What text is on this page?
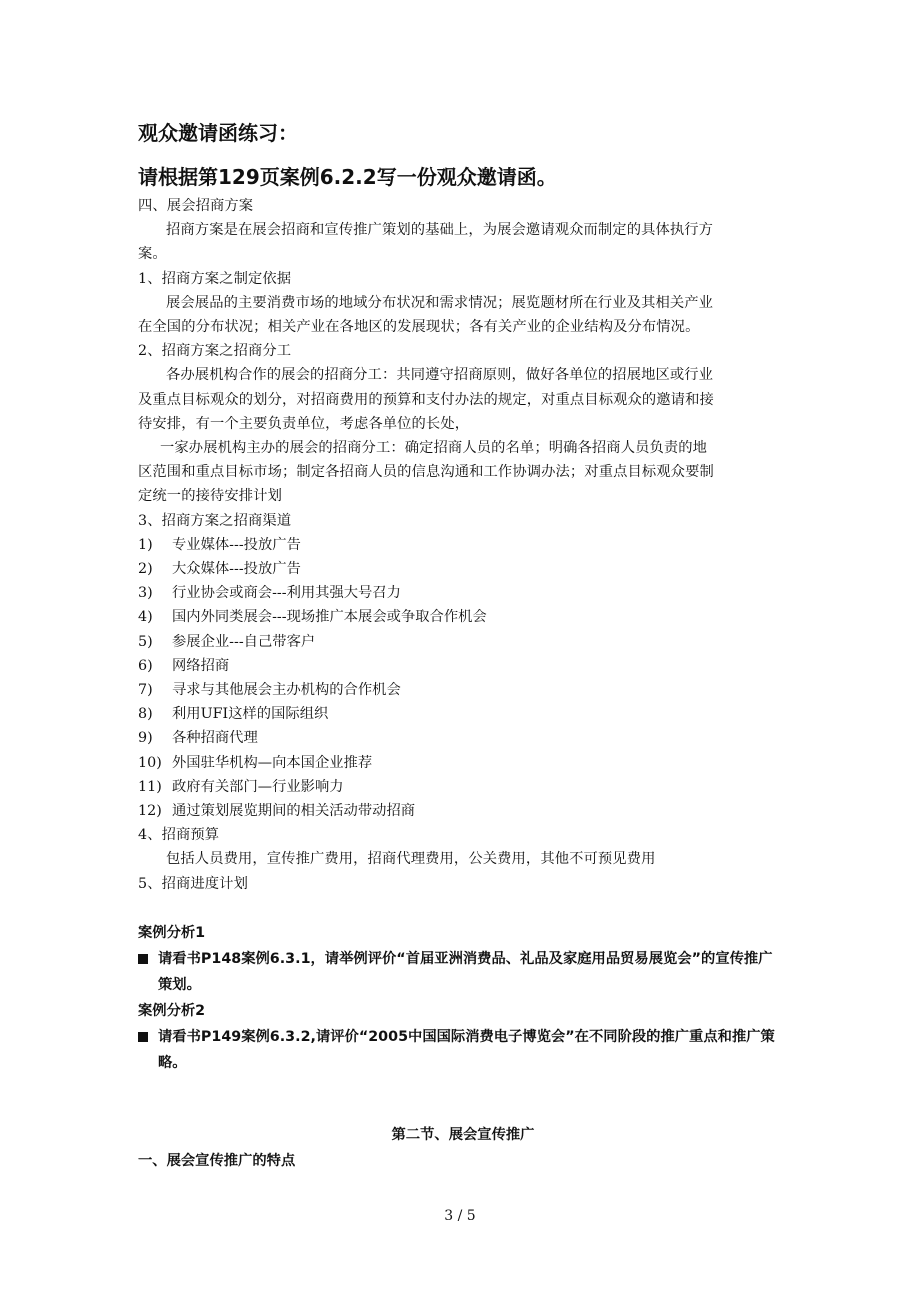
观众邀请函练习：
请根据第129页案例6.2.2写一份观众邀请函。
四、展会招商方案
招商方案是在展会招商和宣传推广策划的基础上，为展会邀请观众而制定的具体执行方
案。
1、招商方案之制定依据
展会展品的主要消费市场的地域分布状况和需求情况；展览题材所在行业及其相关产业
在全国的分布状况；相关产业在各地区的发展现状；各有关产业的企业结构及分布情况。
2、招商方案之招商分工
各办展机构合作的展会的招商分工：共同遵守招商原则，做好各单位的招展地区或行业
及重点目标观众的划分，对招商费用的预算和支付办法的规定，对重点目标观众的邀请和接
待安排，有一个主要负责单位，考虑各单位的长处，
一家办展机构主办的展会的招商分工：确定招商人员的名单；明确各招商人员负责的地
区范围和重点目标市场；制定各招商人员的信息沟通和工作协调办法；对重点目标观众要制
定统一的接待安排计划
3、招商方案之招商渠道
1)	专业媒体---投放广告
2)	大众媒体---投放广告
3)	行业协会或商会---利用其强大号召力
4)	国内外同类展会---现场推广本展会或争取合作机会
5)	参展企业---自己带客户
6)	网络招商
7)	寻求与其他展会主办机构的合作机会
8)	利用UFI这样的国际组织
9)	各种招商代理
10) 外国驻华机构—向本国企业推荐
11) 政府有关部门—行业影响力
12) 通过策划展览期间的相关活动带动招商
4、招商预算
包括人员费用，宣传推广费用，招商代理费用，公关费用，其他不可预见费用
5、招商进度计划
案例分析1
请看书P148案例6.3.1，请举例评价“首届亚洲消费品、礼品及家庭用品贸易展览会”的宣传推广策划。
案例分析2
请看书P149案例6.3.2,请评价“2005中国国际消费电子博览会”在不同阶段的推广重点和推广策略。
第二节、展会宣传推广
一、展会宣传推广的特点
3 / 5
